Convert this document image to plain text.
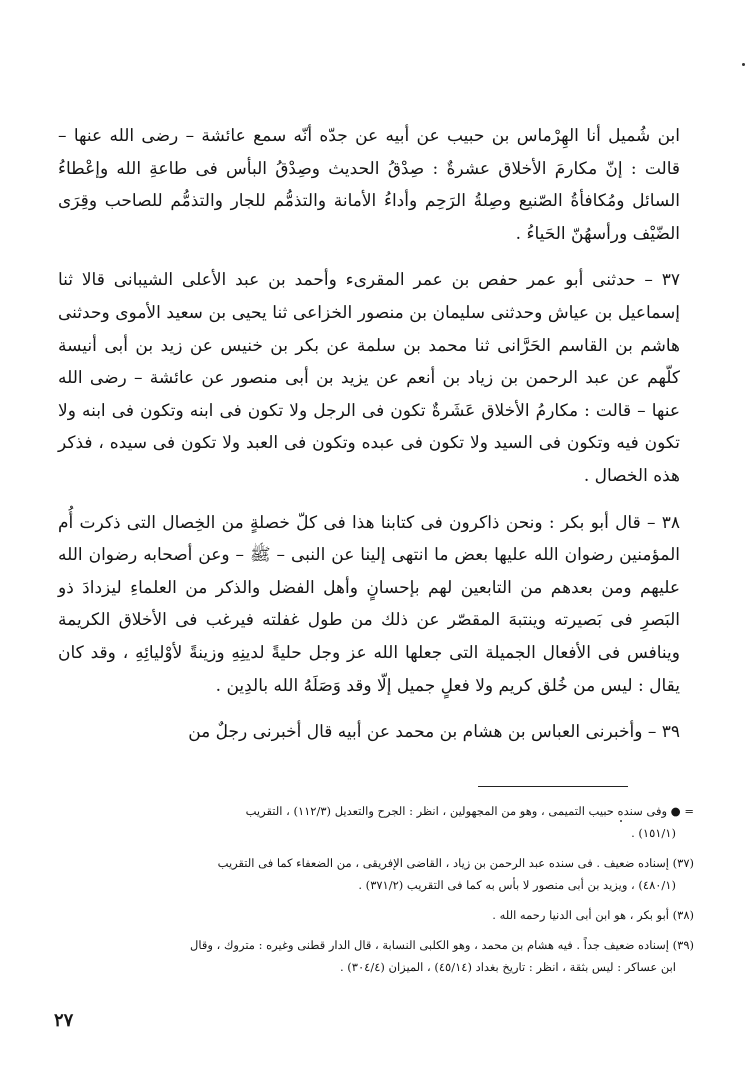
ابن شُميل أنا الهِرْماس بن حبيب عن أبيه عن جدّه أنّه سمع عائشة – رضى الله عنها – قالت : إنّ مكارمَ الأخلاق عشرةٌ : صِدْقُ الحديث وصِدْقُ البأس فى طاعةِ الله وإعْطاءُ السائل ومُكافأةُ الصّنيع وصِلةُ الرَحِم وأداءُ الأمانة والتذمُّم للجار والتذمُّم للصاحب وقِرَى الضّيْف ورأسهُنّ الحَياءُ .

٣٧ – حدثنى أبو عمر حفص بن عمر المقرىء وأحمد بن عبد الأعلى الشيبانى قالا ثنا إسماعيل بن عياش وحدثنى سليمان بن منصور الخزاعى ثنا يحيى بن سعيد الأموى وحدثنى هاشم بن القاسم الحَرَّانى ثنا محمد بن سلمة عن بكر بن خنيس عن زيد بن أبى أنيسة كلّهم عن عبد الرحمن بن زياد بن أنعم عن يزيد بن أبى منصور عن عائشة – رضى الله عنها – قالت : مكارمُ الأخلاق عَشَرةٌ تكون فى الرجل ولا تكون فى ابنه وتكون فى ابنه ولا تكون فيه وتكون فى السيد ولا تكون فى عبده وتكون فى العبد ولا تكون فى سيده ، فذكر هذه الخصال .

٣٨ – قال أبو بكر : ونحن ذاكرون فى كتابنا هذا فى كلّ خصلةٍ من الخِصال التى ذكرت أُم المؤمنين رضوان الله عليها بعض ما انتهى إلينا عن النبى – ﷺ – وعن أصحابه رضوان الله عليهم ومن بعدهم من التابعين لهم بإحسانٍ وأهل الفضل والذكر من العلماءِ ليزدادَ ذو البَصرِ فى بَصيرته وينتبهَ المقصّر عن ذلك من طول غفلته فيرغب فى الأخلاق الكريمة وينافس فى الأفعال الجميلة التى جعلها الله عز وجل حليةً لدينِهِ وزينةً لأوْليائِهِ ، وقد كان يقال : ليس من خُلق كريم ولا فعلٍ جميل إلّا وقد وَصَلَهُ الله بالدِين .

٣٩ – وأخبرنى العباس بن هشام بن محمد عن أبيه قال أخبرنى رجلٌ من

= ● وفى سنده حبيب التميمى ، وهو من المجهولين ، انظر : الجرح والتعديل (١١٢/٣) ، التقريب

(١٥١/١) .

(٣٧) إسناده ضعيف . فى سنده عبد الرحمن بن زياد ، القاضى الإفريقى ، من الضعفاء كما فى التقريب

(٤٨٠/١) ، ويزيد بن أبى منصور لا بأس به كما فى التقريب (٣٧١/٢) .

(٣٨) أبو بكر ، هو ابن أبى الدنيا رحمه الله .

(٣٩) إسناده ضعيف جداً . فيه هشام بن محمد ، وهو الكلبى النسابة ، قال الدار قطنى وغيره : متروك ، وقال

ابن عساكر : ليس بثقة ، انظر : تاريخ بغداد (٤٥/١٤) ، الميزان (٣٠٤/٤) .

٢٧
